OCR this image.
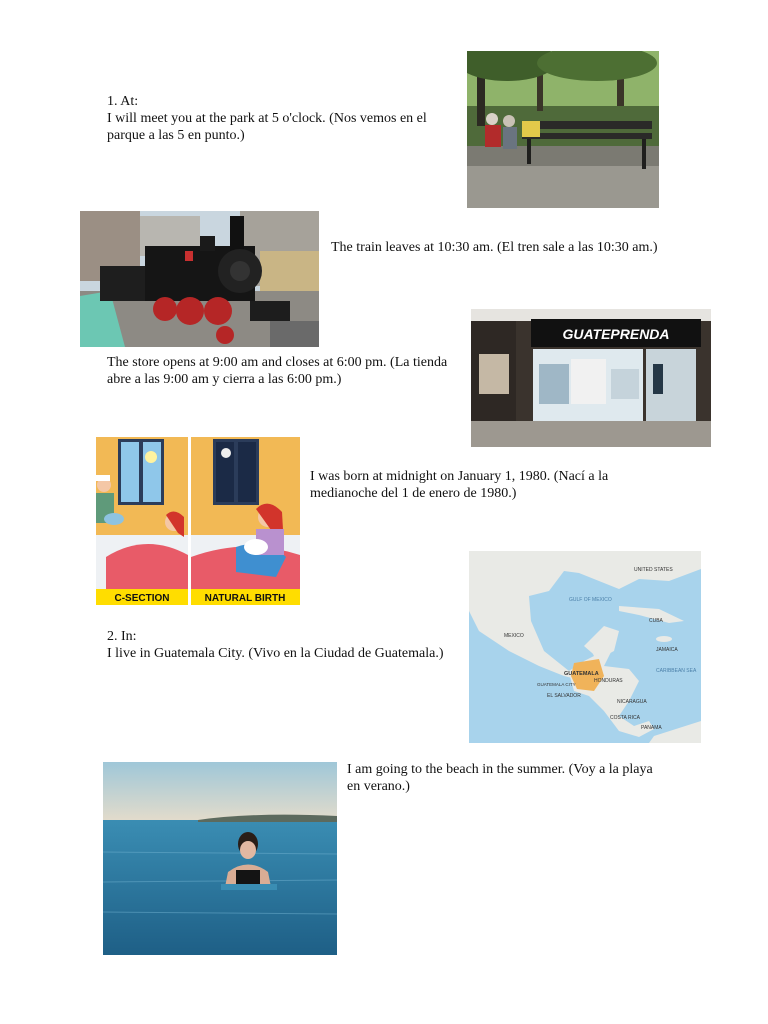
1. At:
I will meet you at the park at 5 o'clock. (Nos vemos en el parque a las 5 en punto.)
The train leaves at 10:30 am. (El tren sale a las 10:30 am.)
GUATEPRENDA
The store opens at 9:00 am and closes at 6:00 pm. (La tienda abre a las 9:00 am y cierra a las 6:00 pm.)
C-SECTION	NATURAL BIRTH
I was born at midnight on January 1, 1980. (Nací a la medianoche del 1 de enero de 1980.)
2. In:
I live in Guatemala City. (Vivo en la Ciudad de Guatemala.)
UNITED STATES
GULF OF MEXICO
MEXICO
CUBA
JAMAICA
CARIBBEAN SEA
GUATEMALA
GUATEMALA CITY
HONDURAS
EL SALVADOR
NICARAGUA
COSTA RICA
PANAMA
I am going to the beach in the summer. (Voy a la playa en verano.)
